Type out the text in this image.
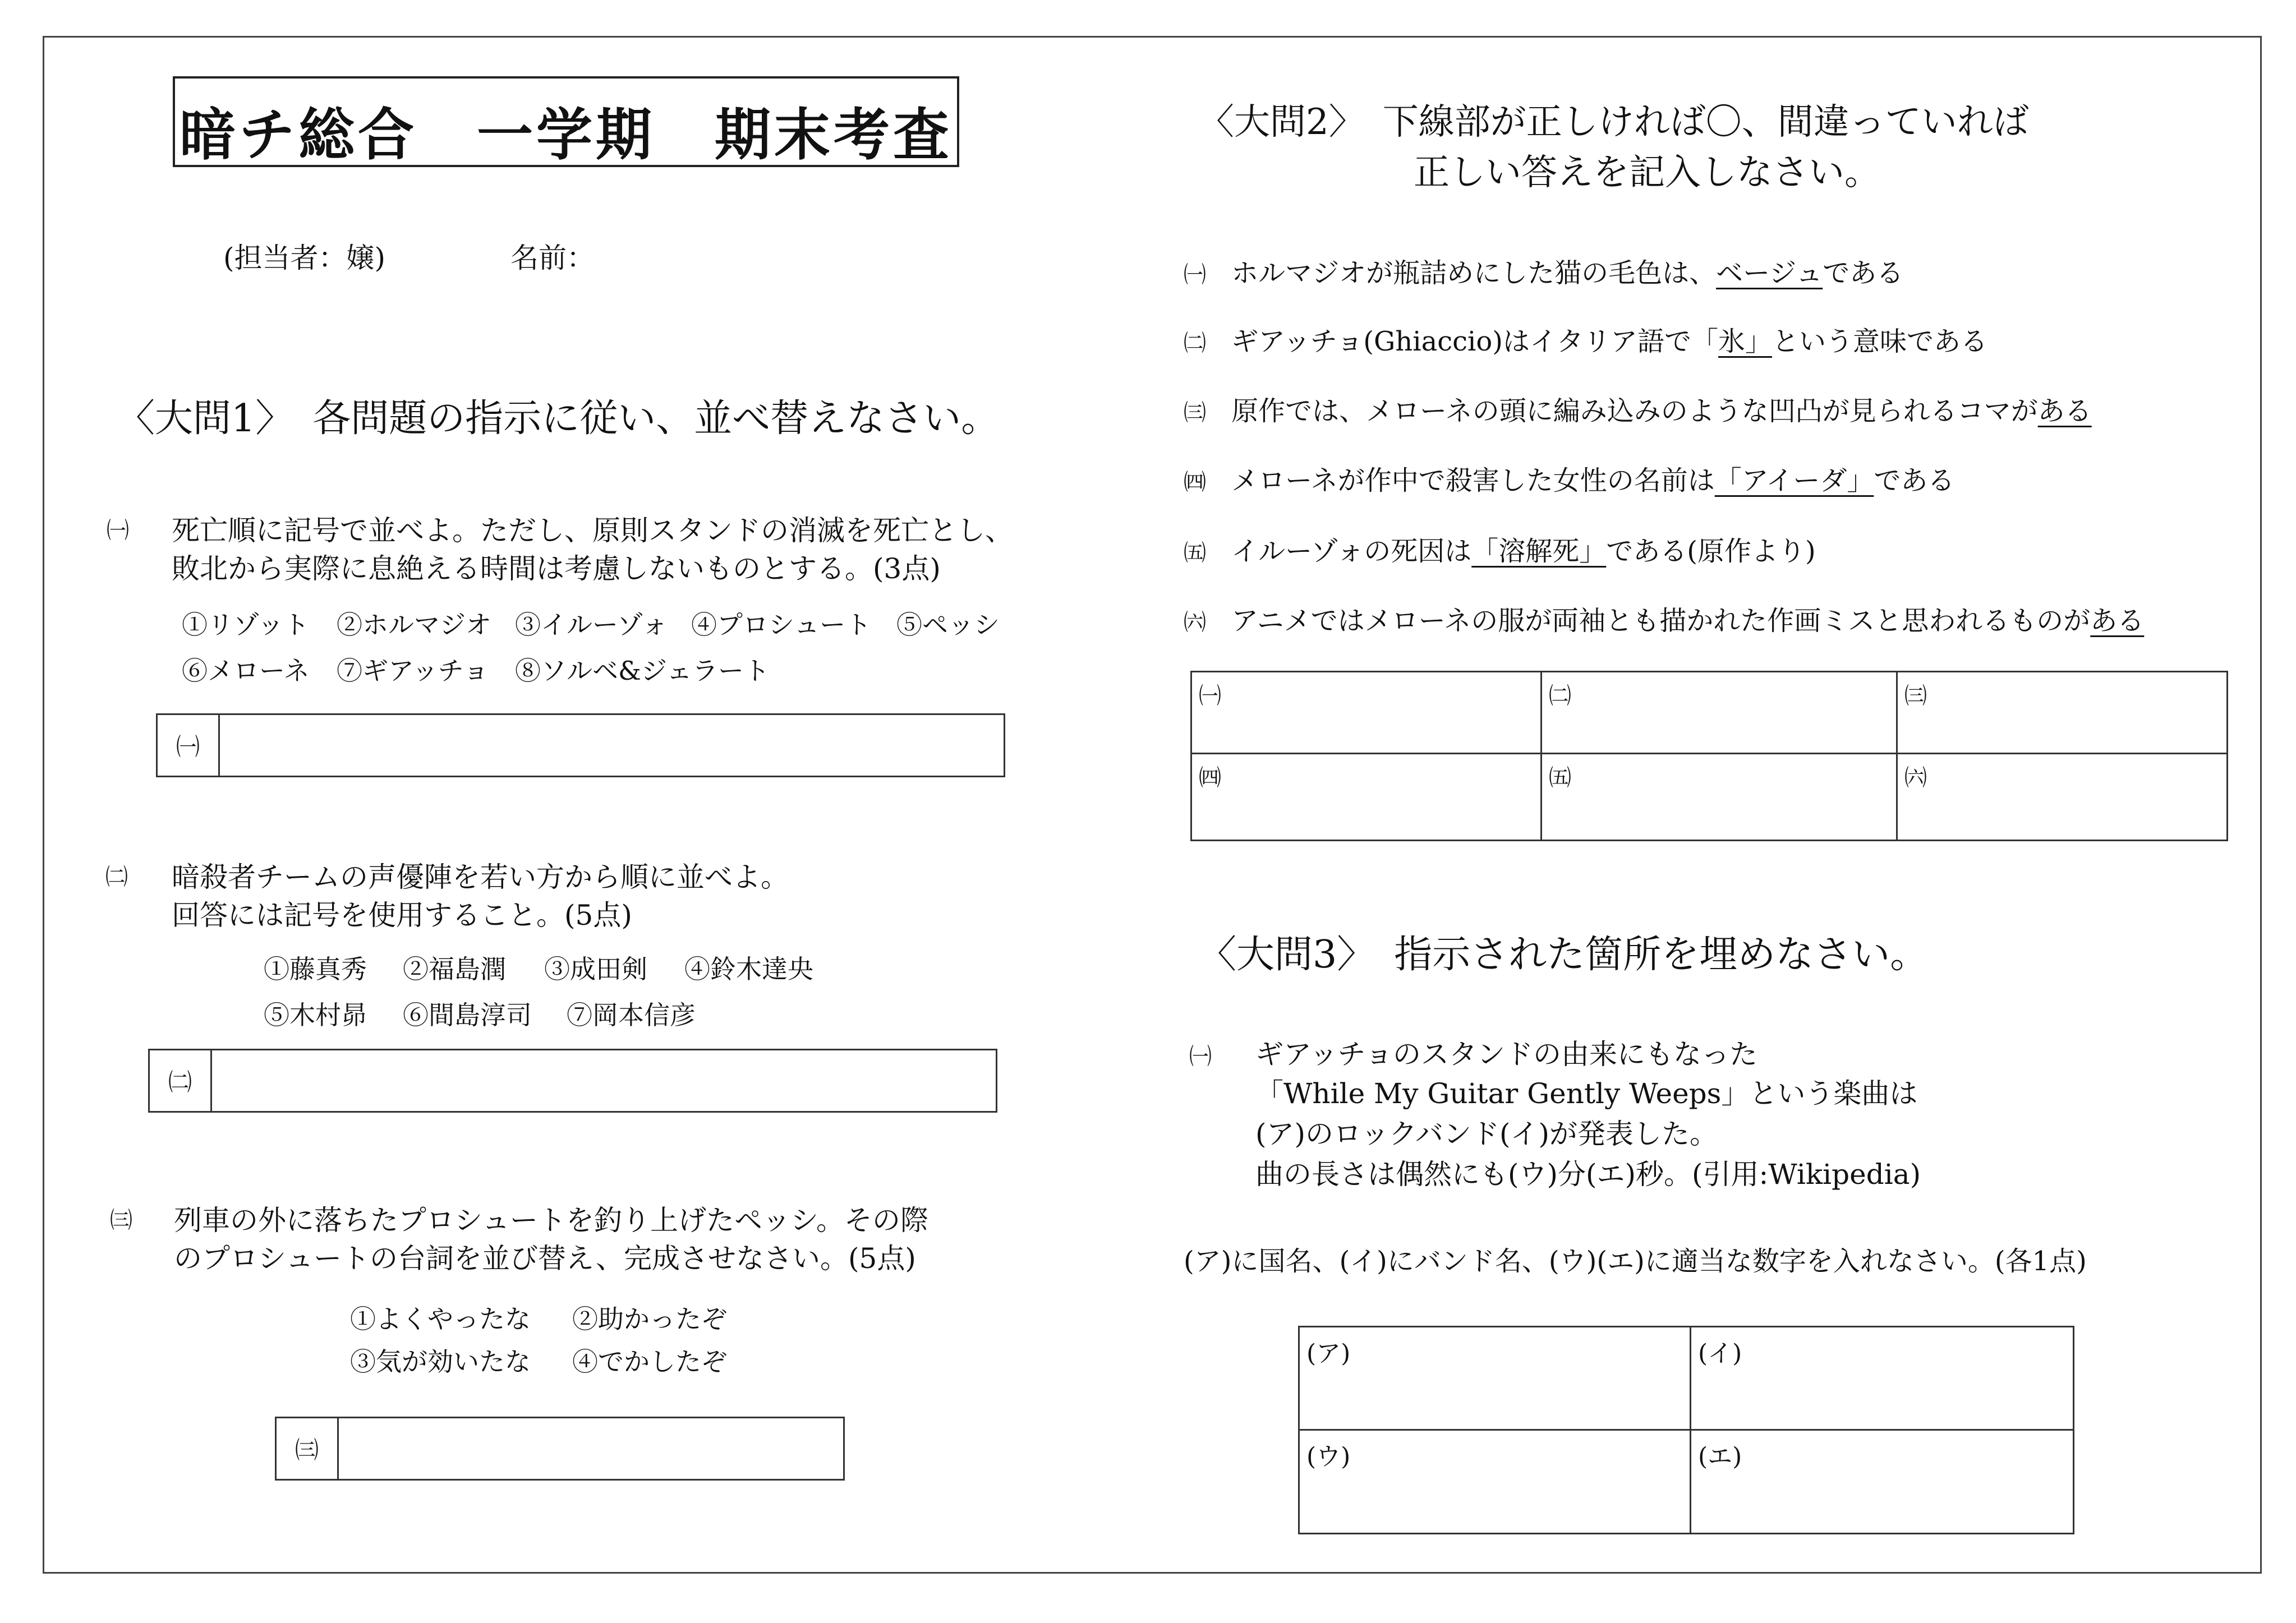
暗チ総合　一学期　期末考査
(担当者：嬢)	名前：
〈大問1〉　各問題の指示に従い、並べ替えなさい。
㈠ 死亡順に記号で並べよ。ただし、原則スタンドの消滅を死亡とし、
敗北から実際に息絶える時間は考慮しないものとする。(3点)
①リゾット ②ホルマジオ ③イルーゾォ ④プロシュート ⑤ペッシ
⑥メローネ ⑦ギアッチョ ⑧ソルベ&ジェラート
㈠
㈡ 暗殺者チームの声優陣を若い方から順に並べよ。
回答には記号を使用すること。(5点)
①藤真秀 ②福島潤 ③成田剣 ④鈴木達央
⑤木村昴 ⑥間島淳司 ⑦岡本信彦
㈡
㈢ 列車の外に落ちたプロシュートを釣り上げたペッシ。その際
のプロシュートの台詞を並び替え、完成させなさい。(5点)
①よくやったな ②助かったぞ
③気が効いたな ④でかしたぞ
㈢
〈大問2〉　下線部が正しければ〇、間違っていれば
正しい答えを記入しなさい。
㈠ ホルマジオが瓶詰めにした猫の毛色は、ベージュである
㈡ ギアッチョ(Ghiaccio)はイタリア語で「氷」という意味である
㈢ 原作では、メローネの頭に編み込みのような凹凸が見られるコマがある
㈣ メローネが作中で殺害した女性の名前は「アイーダ」である
㈤ イルーゾォの死因は「溶解死」である(原作より)
㈥ アニメではメローネの服が両袖とも描かれた作画ミスと思われるものがある
㈠	㈡	㈢
㈣	㈤	㈥
〈大問3〉　指示された箇所を埋めなさい。
㈠ ギアッチョのスタンドの由来にもなった
「While My Guitar Gently Weeps」という楽曲は
(ア)のロックバンド(イ)が発表した。
曲の長さは偶然にも(ウ)分(エ)秒。(引用:Wikipedia)
(ア)に国名、(イ)にバンド名、(ウ)(エ)に適当な数字を入れなさい。(各1点)
(ア)	(イ)
(ウ)	(エ)
